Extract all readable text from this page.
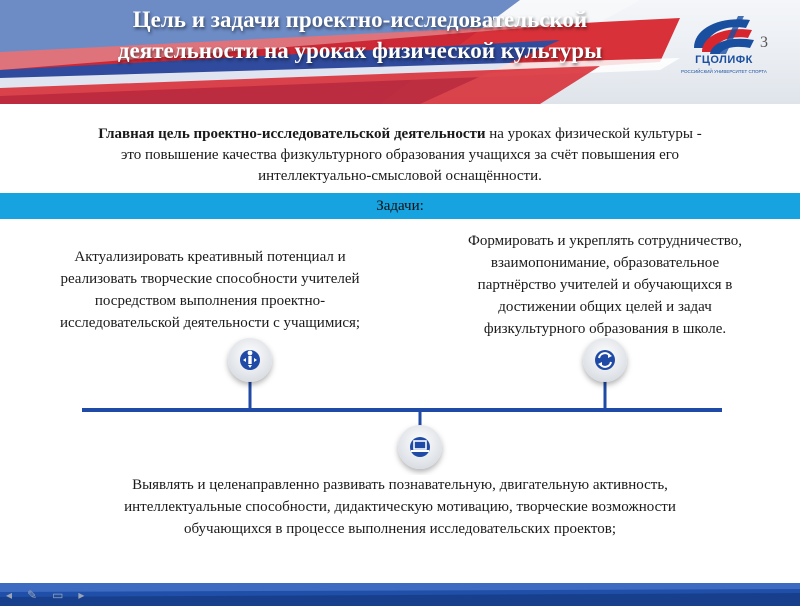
Цель и задачи проектно-исследовательской
деятельности на уроках физической культуры	ГЦОЛИФК
РОССИЙСКИЙ УНИВЕРСИТЕТ СПОРТА
3
Главная цель проектно-исследовательской деятельности на уроках физической культуры -
это повышение качества физкультурного образования учащихся за счёт повышения его
интеллектуально-смысловой оснащённости.
Задачи:
Актуализировать креативный потенциал и
реализовать творческие способности учителей
посредством выполнения проектно-
исследовательской деятельности с учащимися;
Формировать и укреплять сотрудничество,
взаимопонимание, образовательное
партнёрство учителей и обучающихся в
достижении общих целей и задач
физкультурного образования в школе.
Выявлять и целенаправленно развивать познавательную, двигательную активность,
интеллектуальные способности, дидактическую мотивацию, творческие возможности
обучающихся в процессе выполнения исследовательских проектов;
◂ ✎ ▭ ▸
